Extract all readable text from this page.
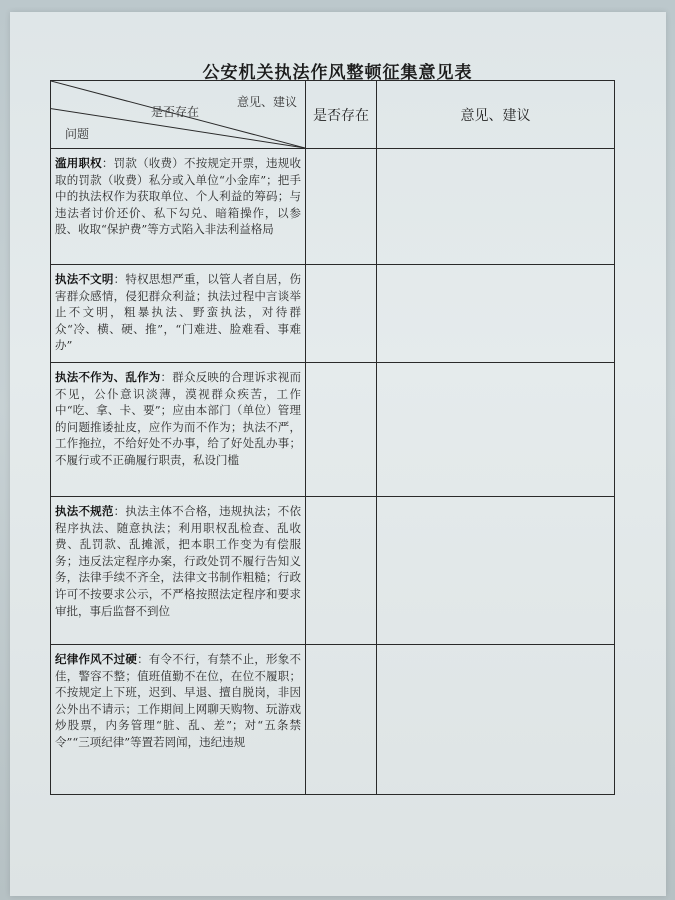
公安机关执法作风整顿征集意见表
意见、建议
是否存在
问题	是否存在	意见、建议
滥用职权：罚款（收费）不按规定开票，违规收取的罚款（收费）私分或入单位“小金库”；把手中的执法权作为获取单位、个人利益的筹码；与违法者讨价还价、私下勾兑、暗箱操作，以参股、收取“保护费”等方式陷入非法利益格局		
执法不文明：特权思想严重，以管人者自居，伤害群众感情，侵犯群众利益；执法过程中言谈举止不文明，粗暴执法、野蛮执法，对待群众“冷、横、硬、推”，“门难进、脸难看、事难办”		
执法不作为、乱作为：群众反映的合理诉求视而不见，公仆意识淡薄，漠视群众疾苦，工作中“吃、拿、卡、要”；应由本部门（单位）管理的问题推诿扯皮，应作为而不作为；执法不严，工作拖拉，不给好处不办事，给了好处乱办事；不履行或不正确履行职责，私设门槛		
执法不规范：执法主体不合格，违规执法；不依程序执法、随意执法；利用职权乱检查、乱收费、乱罚款、乱摊派，把本职工作变为有偿服务；违反法定程序办案，行政处罚不履行告知义务，法律手续不齐全，法律文书制作粗糙；行政许可不按要求公示，不严格按照法定程序和要求审批，事后监督不到位		
纪律作风不过硬：有令不行，有禁不止，形象不佳，警容不整；值班值勤不在位，在位不履职；不按规定上下班，迟到、早退、擅自脱岗，非因公外出不请示；工作期间上网聊天购物、玩游戏炒股票，内务管理“脏、乱、差”；对“五条禁令”“三项纪律”等置若罔闻，违纪违规		
